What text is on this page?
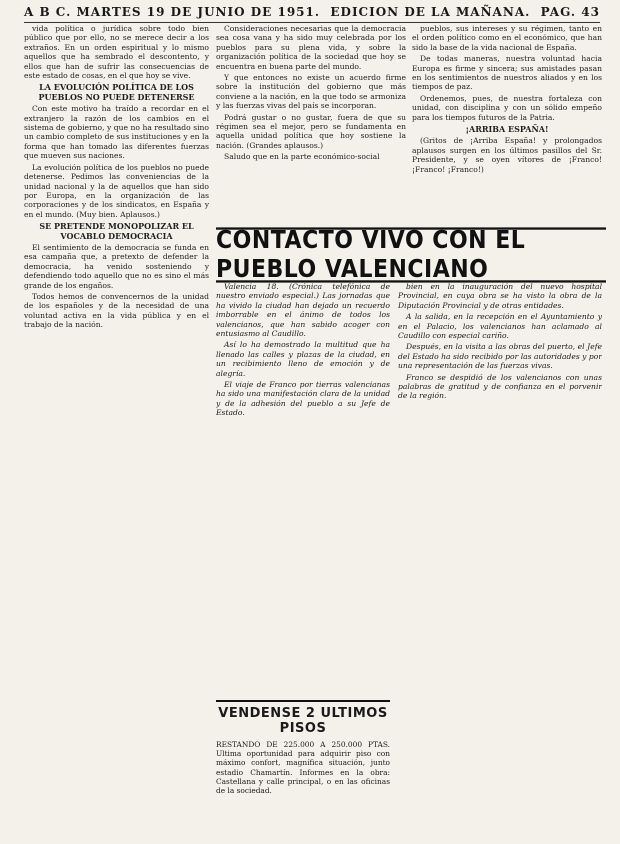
A B C. MARTES 19 DE JUNIO DE 1951. EDICION DE LA MAÑANA. PAG. 43

vida política o jurídica sobre todo bien público que por ello, no se merece decir a los extraños. En un orden espiritual y lo mismo aquellos que ha sembrado el descontento, y ellos que han de sufrir las consecuencias de este estado de cosas, en el que hoy se vive.

LA EVOLUCIÓN POLÍTICA DE LOS PUEBLOS NO PUEDE DETENERSE

Con este motivo ha traído a recordar en el extranjero la razón de los cambios en el sistema de gobierno, y que no ha resultado sino un cambio completo de sus instituciones y en la forma que han tomado las diferentes fuerzas que mueven sus naciones.

La evolución política de los pueblos no puede detenerse. Pedimos las conveniencias de la unidad nacional y la de aquellos que han sido por Europa, en la organización de las corporaciones y de los sindicatos, en España y en el mundo. (Muy bien. Aplausos.)

SE PRETENDE MONOPOLIZAR EL VOCABLO DEMOCRACIA

El sentimiento de la democracia se funda en esa campaña que, a pretexto de defender la democracia, ha venido sosteniendo y defendiendo todo aquello que no es sino el más grande de los engaños.

Todos hemos de convencernos de la unidad de los españoles y de la necesidad de una voluntad activa en la vida pública y en el trabajo de la nación.

Consideraciones necesarias que la democracia sea cosa vana y ha sido muy celebrada por los pueblos para su plena vida, y sobre la organización política de la sociedad que hoy se encuentra en buena parte del mundo.

Y que entonces no existe un acuerdo firme sobre la institución del gobierno que más conviene a la nación, en la que todo se armoniza y las fuerzas vivas del país se incorporan.

Podrá gustar o no gustar, fuera de que su régimen sea el mejor, pero se fundamenta en aquella unidad política que hoy sostiene la nación. (Grandes aplausos.)

Saludo que en la parte económico-social

pueblos, sus intereses y su régimen, tanto en el orden político como en el económico, que han sido la base de la vida nacional de España.

De todas maneras, nuestra voluntad hacia Europa es firme y sincera; sus amistades pasan en los sentimientos de nuestros aliados y en los tiempos de paz.

Ordenemos, pues, de nuestra fortaleza con unidad, con disciplina y con un sólido empeño para los tiempos futuros de la Patria.

¡ARRIBA ESPAÑA!

(Gritos de ¡Arriba España! y prolongados aplausos surgen en los últimos pasillos del Sr. Presidente, y se oyen vítores de ¡Franco! ¡Franco! ¡Franco!)

CONTACTO VIVO CON EL PUEBLO VALENCIANO

Valencia 18. (Crónica telefónica de nuestro enviado especial.) Las jornadas que ha vivido la ciudad han dejado un recuerdo imborrable en el ánimo de todos los valencianos, que han sabido acoger con entusiasmo al Caudillo.

Así lo ha demostrado la multitud que ha llenado las calles y plazas de la ciudad, en un recibimiento lleno de emoción y de alegría.

El viaje de Franco por tierras valencianas ha sido una manifestación clara de la unidad y de la adhesión del pueblo a su Jefe de Estado.

bien en la inauguración del nuevo hospital Provincial, en cuya obra se ha visto la obra de la Diputación Provincial y de otras entidades.

A la salida, en la recepción en el Ayuntamiento y en el Palacio, los valencianos han aclamado al Caudillo con especial cariño.

Después, en la visita a las obras del puerto, el Jefe del Estado ha sido recibido por las autoridades y por una representación de las fuerzas vivas.

Franco se despidió de los valencianos con unas palabras de gratitud y de confianza en el porvenir de la región.

VENDENSE 2 ULTIMOS PISOS
RESTANDO DE 225.000 A 250.000 PTAS. Ultima oportunidad para adquirir piso con máximo confort, magnífica situación, junto estadio Chamartín. Informes en la obra: Castellana y calle principal, o en las oficinas de la sociedad.
